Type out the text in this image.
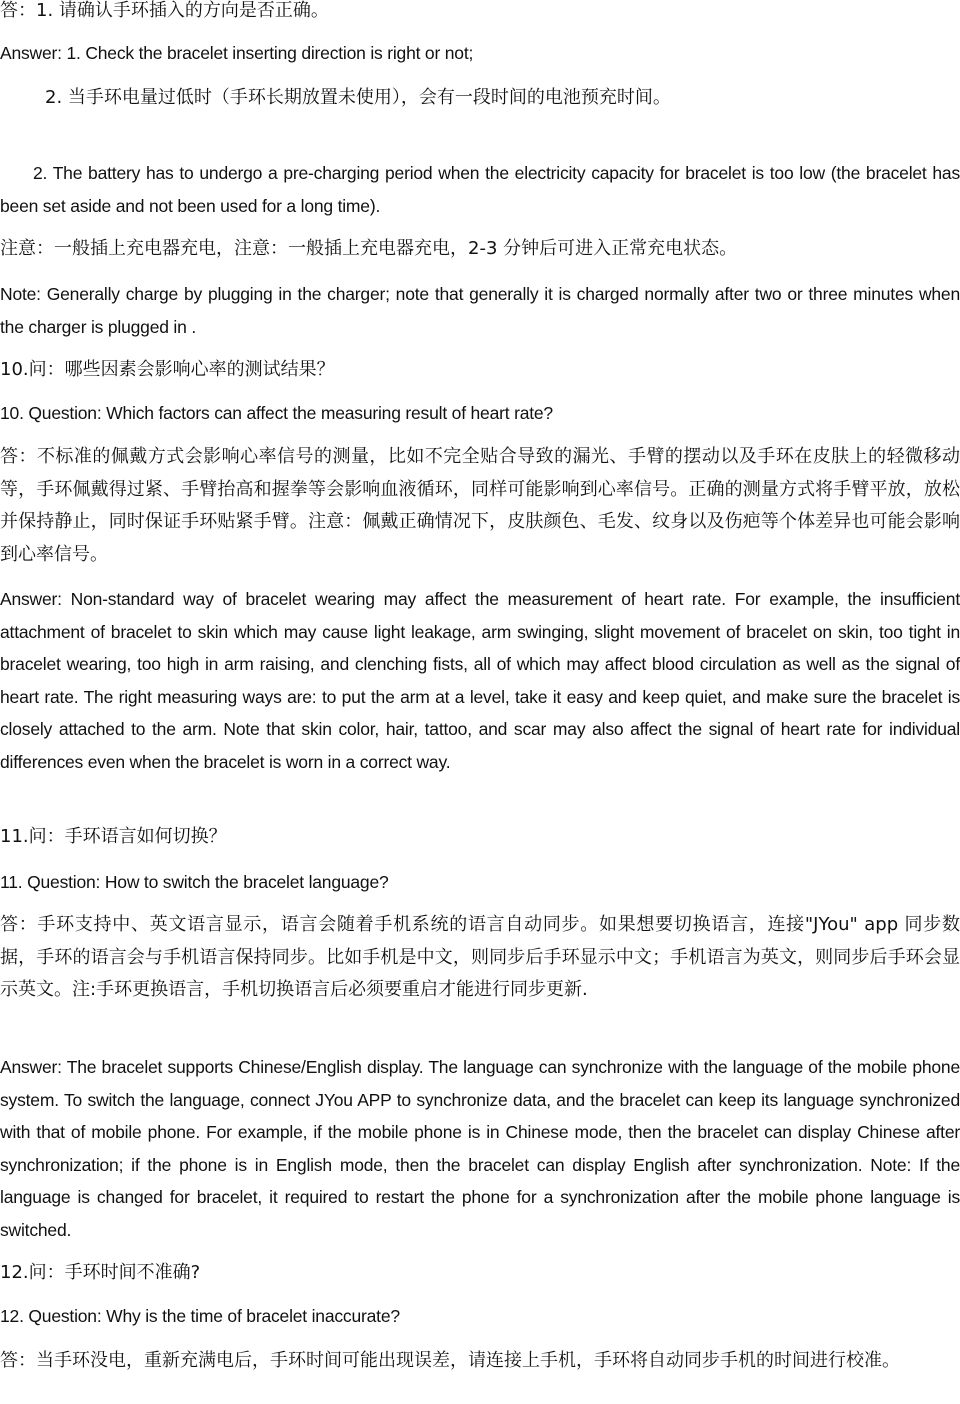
答：1. 请确认手环插入的方向是否正确。

Answer: 1. Check the bracelet inserting direction is right or not;

2. 当手环电量过低时（手环长期放置未使用），会有一段时间的电池预充时间。

2. The battery has to undergo a pre-charging period when the electricity capacity for bracelet is too low (the bracelet has been set aside and not been used for a long time).

注意：一般插上充电器充电，注意：一般插上充电器充电，2-3 分钟后可进入正常充电状态。

Note: Generally charge by plugging in the charger; note that generally it is charged normally after two or three minutes when the charger is plugged in .

10.问：哪些因素会影响心率的测试结果？

10. Question: Which factors can affect the measuring result of heart rate?

答：不标准的佩戴方式会影响心率信号的测量，比如不完全贴合导致的漏光、手臂的摆动以及手环在皮肤上的轻微移动等，手环佩戴得过紧、手臂抬高和握拳等会影响血液循环，同样可能影响到心率信号。正确的测量方式将手臂平放，放松并保持静止，同时保证手环贴紧手臂。注意：佩戴正确情况下，皮肤颜色、毛发、纹身以及伤疤等个体差异也可能会影响到心率信号。

Answer: Non-standard way of bracelet wearing may affect the measurement of heart rate. For example, the insufficient attachment of bracelet to skin which may cause light leakage, arm swinging, slight movement of bracelet on skin, too tight in bracelet wearing, too high in arm raising, and clenching fists, all of which may affect blood circulation as well as the signal of heart rate. The right measuring ways are: to put the arm at a level, take it easy and keep quiet, and make sure the bracelet is closely attached to the arm. Note that skin color, hair, tattoo, and scar may also affect the signal of heart rate for individual differences even when the bracelet is worn in a correct way.

11.问：手环语言如何切换？

11. Question: How to switch the bracelet language?

答：手环支持中、英文语言显示，语言会随着手机系统的语言自动同步。如果想要切换语言，连接"JYou" app 同步数据，手环的语言会与手机语言保持同步。比如手机是中文，则同步后手环显示中文；手机语言为英文，则同步后手环会显示英文。注:手环更换语言，手机切换语言后必须要重启才能进行同步更新.

Answer: The bracelet supports Chinese/English display. The language can synchronize with the language of the mobile phone system. To switch the language, connect JYou APP to synchronize data, and the bracelet can keep its language synchronized with that of mobile phone. For example, if the mobile phone is in Chinese mode, then the bracelet can display Chinese after synchronization; if the phone is in English mode, then the bracelet can display English after synchronization. Note: If the language is changed for bracelet, it required to restart the phone for a synchronization after the mobile phone language is switched.

12.问：手环时间不准确?

12. Question: Why is the time of bracelet inaccurate?

答：当手环没电，重新充满电后，手环时间可能出现误差，请连接上手机，手环将自动同步手机的时间进行校准。
